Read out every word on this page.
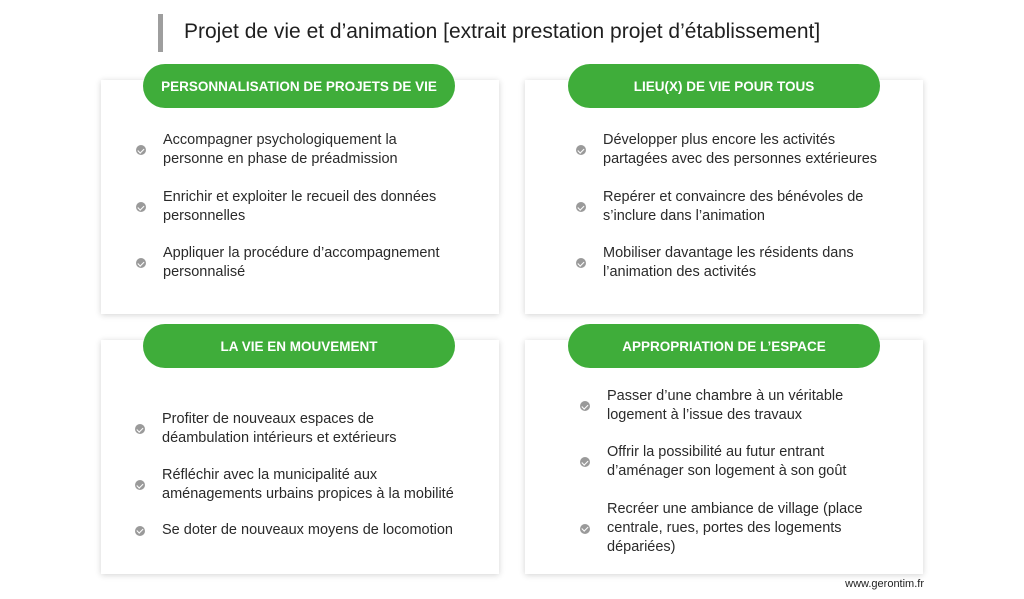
Projet de vie et d’animation [extrait prestation projet d’établissement]
PERSONNALISATION DE PROJETS DE VIE
Accompagner psychologiquement la
personne en phase de préadmission
Enrichir et exploiter le recueil des données
personnelles
Appliquer la procédure d’accompagnement
personnalisé
LIEU(X) DE VIE POUR TOUS
Développer plus encore les activités
partagées avec des personnes extérieures
Repérer et convaincre des bénévoles de
s’inclure dans l’animation
Mobiliser davantage les résidents dans
l’animation des activités
LA VIE EN MOUVEMENT
Profiter de nouveaux espaces de
déambulation intérieurs et extérieurs
Réfléchir avec la municipalité aux
aménagements urbains propices à la mobilité
Se doter de nouveaux moyens de locomotion
APPROPRIATION DE L’ESPACE
Passer d’une chambre à un véritable
logement à l’issue des travaux
Offrir la possibilité au futur entrant
d’aménager son logement à son goût
Recréer une ambiance de village (place
centrale, rues, portes des logements
dépariées)
www.gerontim.fr
